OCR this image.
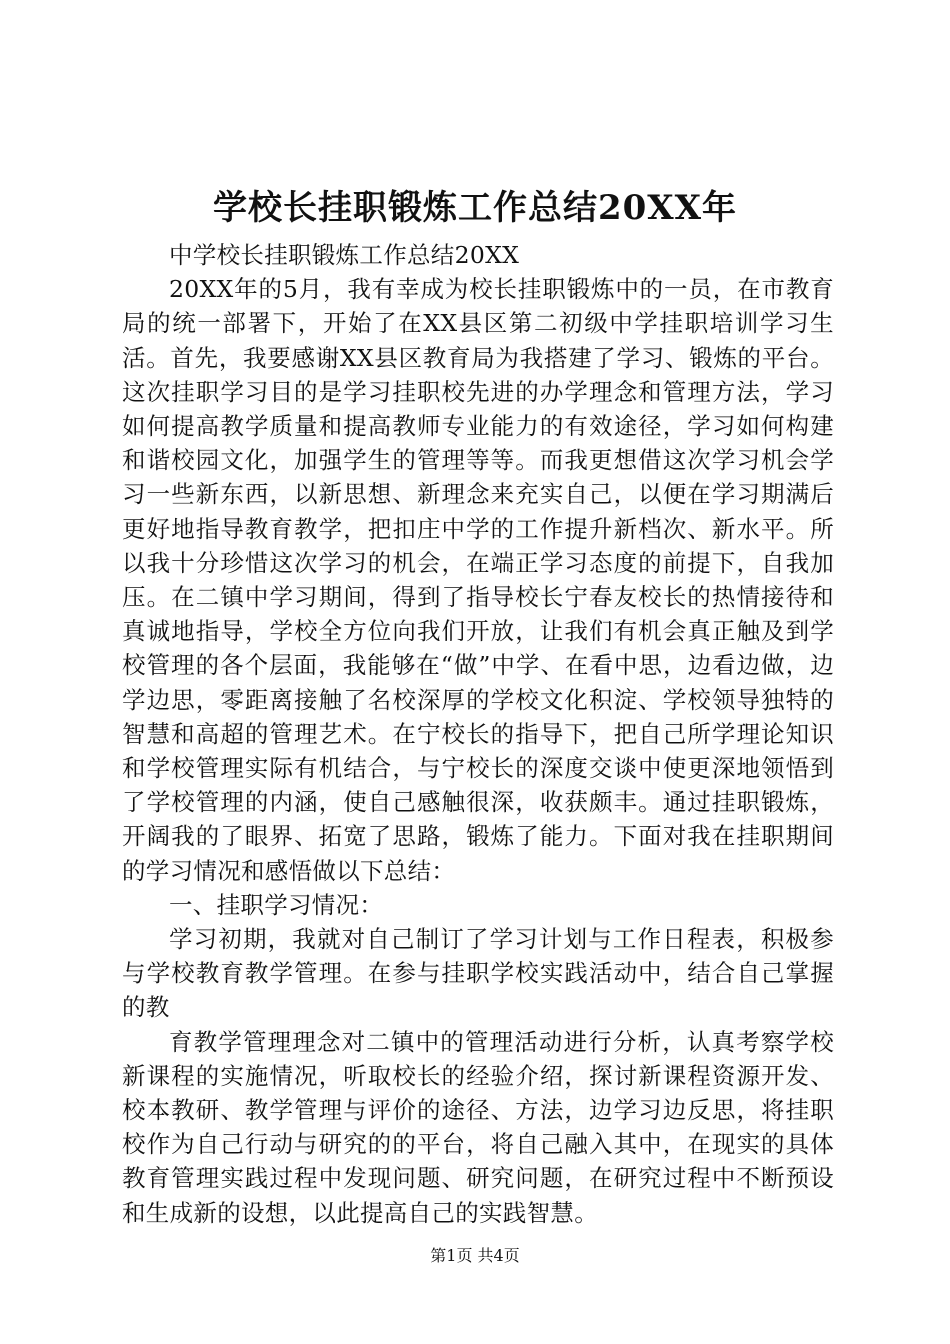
学校长挂职锻炼工作总结20XX年

中学校长挂职锻炼工作总结20XX

20XX年的5月，我有幸成为校长挂职锻炼中的一员，在市教育局的统一部署下，开始了在XX县区第二初级中学挂职培训学习生活。首先，我要感谢XX县区教育局为我搭建了学习、锻炼的平台。这次挂职学习目的是学习挂职校先进的办学理念和管理方法，学习如何提高教学质量和提高教师专业能力的有效途径，学习如何构建和谐校园文化，加强学生的管理等等。而我更想借这次学习机会学习一些新东西，以新思想、新理念来充实自己，以便在学习期满后更好地指导教育教学，把扣庄中学的工作提升新档次、新水平。所以我十分珍惜这次学习的机会，在端正学习态度的前提下，自我加压。在二镇中学习期间，得到了指导校长宁春友校长的热情接待和真诚地指导，学校全方位向我们开放，让我们有机会真正触及到学校管理的各个层面，我能够在“做”中学、在看中思，边看边做，边学边思，零距离接触了名校深厚的学校文化积淀、学校领导独特的智慧和高超的管理艺术。在宁校长的指导下，把自己所学理论知识和学校管理实际有机结合，与宁校长的深度交谈中使更深地领悟到了学校管理的内涵，使自己感触很深，收获颇丰。通过挂职锻炼，开阔我的了眼界、拓宽了思路，锻炼了能力。下面对我在挂职期间的学习情况和感悟做以下总结：

一、挂职学习情况：

学习初期，我就对自己制订了学习计划与工作日程表，积极参与学校教育教学管理。在参与挂职学校实践活动中，结合自己掌握的教

育教学管理理念对二镇中的管理活动进行分析，认真考察学校新课程的实施情况，听取校长的经验介绍，探讨新课程资源开发、校本教研、教学管理与评价的途径、方法，边学习边反思，将挂职校作为自己行动与研究的的平台，将自己融入其中，在现实的具体教育管理实践过程中发现问题、研究问题，在研究过程中不断预设和生成新的设想，以此提高自己的实践智慧。

第1页 共4页
